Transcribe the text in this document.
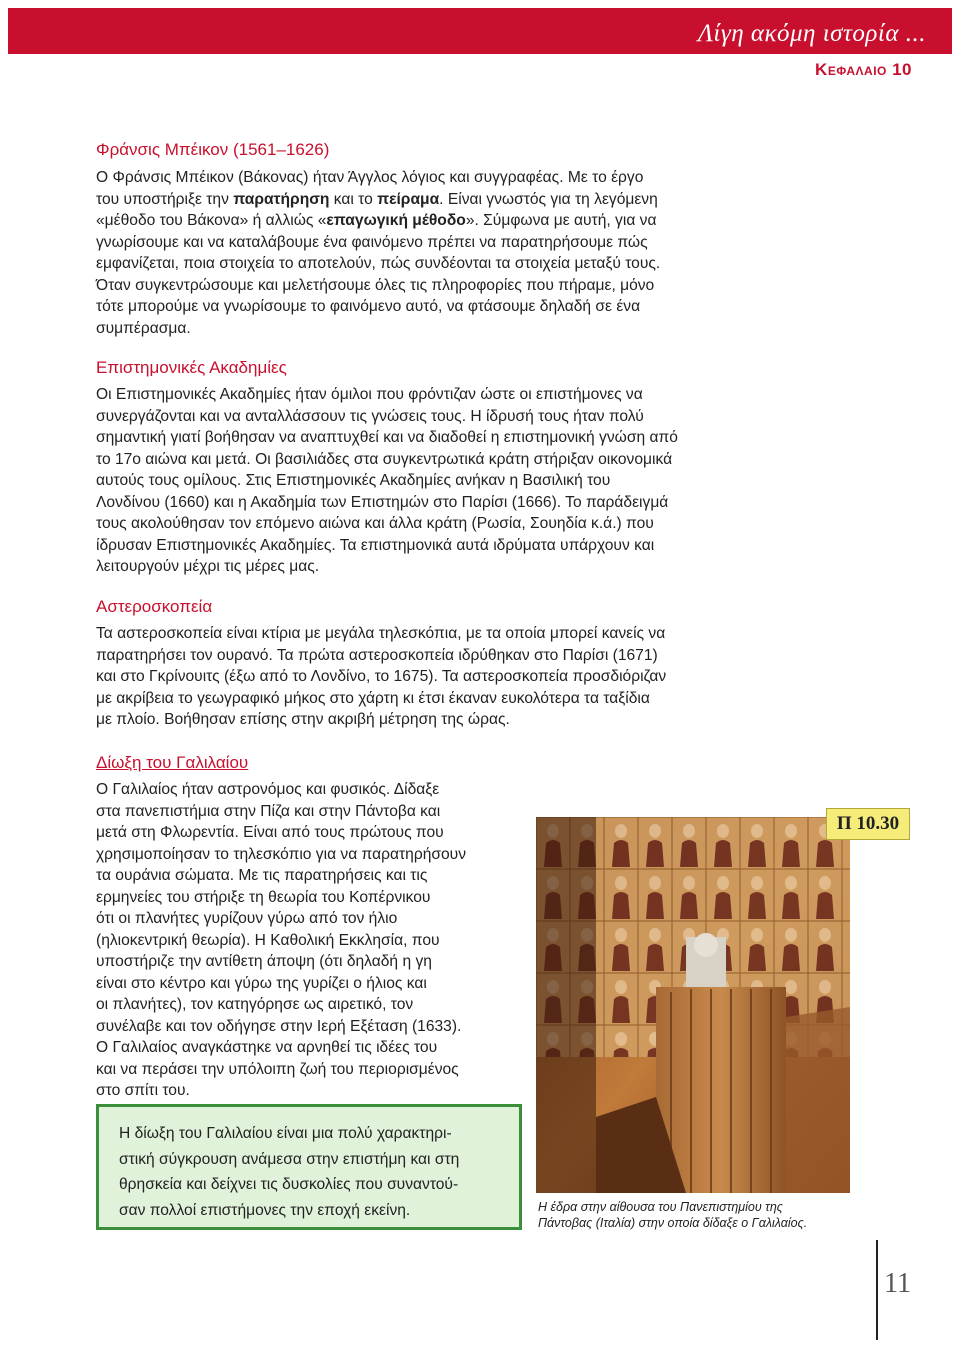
Λίγη ακόμη ιστορία ...
Κεφαλαιο 10
Φράνσις Μπέικον (1561–1626)
Ο Φράνσις Μπέικον (Βάκονας) ήταν Άγγλος λόγιος και συγγραφέας. Με το έργο
του υποστήριξε την παρατήρηση και το πείραμα. Είναι γνωστός για τη λεγόμενη
«μέθοδο του Βάκονα» ή αλλιώς «επαγωγική μέθοδο». Σύμφωνα με αυτή, για να
γνωρίσουμε και να καταλάβουμε ένα φαινόμενο πρέπει να παρατηρήσουμε πώς
εμφανίζεται, ποια στοιχεία το αποτελούν, πώς συνδέονται τα στοιχεία μεταξύ τους.
Όταν συγκεντρώσουμε και μελετήσουμε όλες τις πληροφορίες που πήραμε, μόνο
τότε μπορούμε να γνωρίσουμε το φαινόμενο αυτό, να φτάσουμε δηλαδή σε ένα
συμπέρασμα.
Επιστημονικές Ακαδημίες
Οι Επιστημονικές Ακαδημίες ήταν όμιλοι που φρόντιζαν ώστε οι επιστήμονες να
συνεργάζονται και να ανταλλάσσουν τις γνώσεις τους. Η ίδρυσή τους ήταν πολύ
σημαντική γιατί βοήθησαν να αναπτυχθεί και να διαδοθεί η επιστημονική γνώση από
το 17ο αιώνα και μετά. Οι βασιλιάδες στα συγκεντρωτικά κράτη στήριξαν οικονομικά
αυτούς τους ομίλους. Στις Επιστημονικές Ακαδημίες ανήκαν η Βασιλική του
Λονδίνου (1660) και η Ακαδημία των Επιστημών στο Παρίσι (1666). Το παράδειγμά
τους ακολούθησαν τον επόμενο αιώνα και άλλα κράτη (Ρωσία, Σουηδία κ.ά.) που
ίδρυσαν Επιστημονικές Ακαδημίες. Τα επιστημονικά αυτά ιδρύματα υπάρχουν και
λειτουργούν μέχρι τις μέρες μας.
Αστεροσκοπεία
Τα αστεροσκοπεία είναι κτίρια με μεγάλα τηλεσκόπια, με τα οποία μπορεί κανείς να
παρατηρήσει τον ουρανό. Τα πρώτα αστεροσκοπεία ιδρύθηκαν στο Παρίσι (1671)
και στο Γκρίνουιτς (έξω από το Λονδίνο, το 1675). Τα αστεροσκοπεία προσδιόριζαν
με ακρίβεια το γεωγραφικό μήκος στο χάρτη κι έτσι έκαναν ευκολότερα τα ταξίδια
με πλοίο. Βοήθησαν επίσης στην ακριβή μέτρηση της ώρας.
Δίωξη του Γαλιλαίου
Ο Γαλιλαίος ήταν αστρονόμος και φυσικός. Δίδαξε
στα πανεπιστήμια στην Πίζα και στην Πάντοβα και
μετά στη Φλωρεντία. Είναι από τους πρώτους που
χρησιμοποίησαν το τηλεσκόπιο για να παρατηρήσουν
τα ουράνια σώματα. Με τις παρατηρήσεις και τις
ερμηνείες του στήριξε τη θεωρία του Κοπέρνικου
ότι οι πλανήτες γυρίζουν γύρω από τον ήλιο
(ηλιοκεντρική θεωρία). Η Καθολική Εκκλησία, που
υποστήριζε την αντίθετη άποψη (ότι δηλαδή η γη
είναι στο κέντρο και γύρω της γυρίζει ο ήλιος και
οι πλανήτες), τον κατηγόρησε ως αιρετικό, τον
συνέλαβε και τον οδήγησε στην Ιερή Εξέταση (1633).
Ο Γαλιλαίος αναγκάστηκε να αρνηθεί τις ιδέες του
και να περάσει την υπόλοιπη ζωή του περιορισμένος
στο σπίτι του.
Π 10.30
Η έδρα στην αίθουσα του Πανεπιστημίου της
Πάντοβας (Ιταλία) στην οποία δίδαξε ο Γαλιλαίος.
Η δίωξη του Γαλιλαίου είναι μια πολύ χαρακτηρι-
στική σύγκρουση ανάμεσα στην επιστήμη και στη
θρησκεία και δείχνει τις δυσκολίες που συναντού-
σαν πολλοί επιστήμονες την εποχή εκείνη.
11
